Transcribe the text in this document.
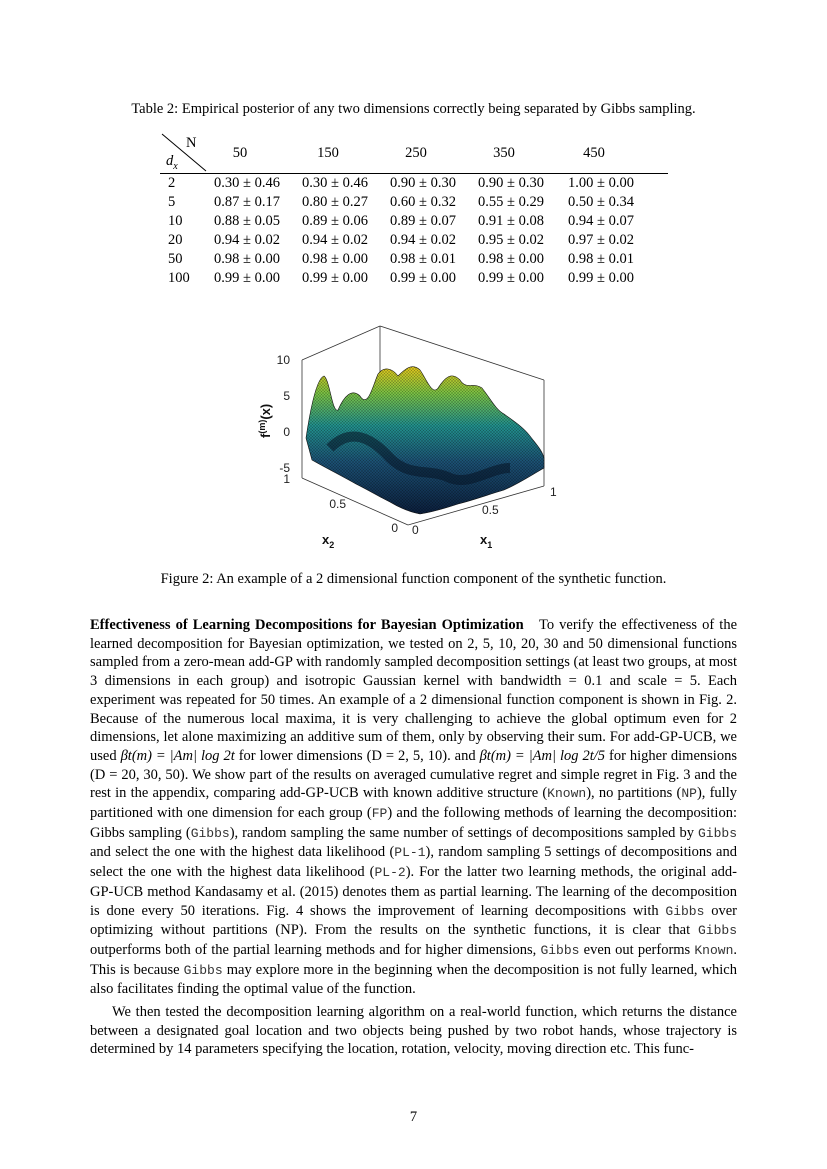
Table 2: Empirical posterior of any two dimensions correctly being separated by Gibbs sampling.
N
$d_x$
50	150	250	350	450
2	0.30 ± 0.46 0.30 ± 0.46 0.90 ± 0.30 0.90 ± 0.30 1.00 ± 0.00
5	0.87 ± 0.17 0.80 ± 0.27 0.60 ± 0.32 0.55 ± 0.29 0.50 ± 0.34
10 0.88 ± 0.05 0.89 ± 0.06 0.89 ± 0.07 0.91 ± 0.08 0.94 ± 0.07
20 0.94 ± 0.02 0.94 ± 0.02 0.94 ± 0.02 0.95 ± 0.02 0.97 ± 0.02
50 0.98 ± 0.00 0.98 ± 0.00 0.98 ± 0.01 0.98 ± 0.00 0.98 ± 0.01
100 0.99 ± 0.00 0.99 ± 0.00 0.99 ± 0.00 0.99 ± 0.00 0.99 ± 0.00
10
5
0
-5
$f^{(m)}(x)$
1
0.5
0
$x_2$
0
0.5
1
$x_1$
Figure 2: An example of a 2 dimensional function component of the synthetic function.

Effectiveness of Learning Decompositions for Bayesian Optimization To verify the effectiveness of the learned decomposition for Bayesian optimization, we tested on 2, 5, 10, 20, 30 and 50 dimensional functions sampled from a zero-mean add-GP with randomly sampled decomposition settings (at least two groups, at most 3 dimensions in each group) and isotropic Gaussian kernel with bandwidth = 0.1 and scale = 5. Each experiment was repeated for 50 times. An example of a 2 dimensional function component is shown in Fig. 2. Because of the numerous local maxima, it is very challenging to achieve the global optimum even for 2 dimensions, let alone maximizing an additive sum of them, only by observing their sum. For add-GP-UCB, we used βt(m) = |Am| log 2t for lower dimensions (D = 2, 5, 10). and βt(m) = |Am| log 2t/5 for higher dimensions (D = 20, 30, 50). We show part of the results on averaged cumulative regret and simple regret in Fig. 3 and the rest in the appendix, comparing add-GP-UCB with known additive structure (Known), no partitions (NP), fully partitioned with one dimension for each group (FP) and the following methods of learning the decomposition: Gibbs sampling (Gibbs), random sampling the same number of settings of decompositions sampled by Gibbs and select the one with the highest data likelihood (PL-1), random sampling 5 settings of decompositions and select the one with the highest data likelihood (PL-2). For the latter two learning methods, the original add-GP-UCB method Kandasamy et al. (2015) denotes them as partial learning. The learning of the decomposition is done every 50 iterations. Fig. 4 shows the improvement of learning decompositions with Gibbs over optimizing without partitions (NP). From the results on the synthetic functions, it is clear that Gibbs outperforms both of the partial learning methods and for higher dimensions, Gibbs even out performs Known. This is because Gibbs may explore more in the beginning when the decomposition is not fully learned, which also facilitates finding the optimal value of the function.

We then tested the decomposition learning algorithm on a real-world function, which returns the distance between a designated goal location and two objects being pushed by two robot hands, whose trajectory is determined by 14 parameters specifying the location, rotation, velocity, moving direction etc. This func-

7
